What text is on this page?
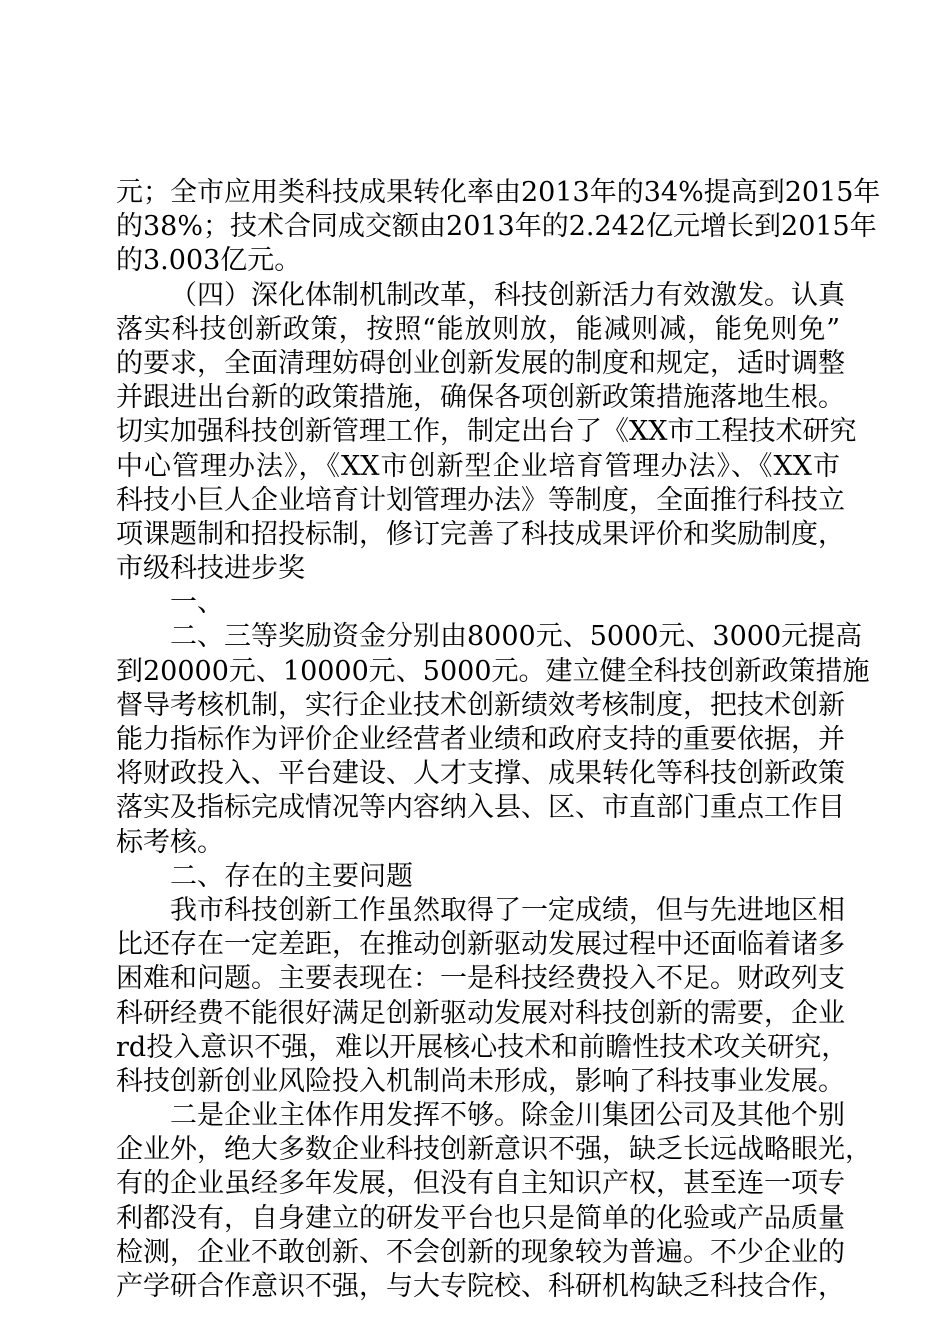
元；全市应用类科技成果转化率由2013年的34%提高到2015年
的38%；技术合同成交额由2013年的2.242亿元增长到2015年
的3.003亿元。
（四）深化体制机制改革，科技创新活力有效激发。认真
落实科技创新政策，按照“能放则放，能减则减，能免则免”
的要求，全面清理妨碍创业创新发展的制度和规定，适时调整
并跟进出台新的政策措施，确保各项创新政策措施落地生根。
切实加强科技创新管理工作，制定出台了《XX市工程技术研究
中心管理办法》，《XX市创新型企业培育管理办法》、《XX市
科技小巨人企业培育计划管理办法》等制度，全面推行科技立
项课题制和招投标制，修订完善了科技成果评价和奖励制度，
市级科技进步奖
一、
二、三等奖励资金分别由8000元、5000元、3000元提高
到20000元、10000元、5000元。建立健全科技创新政策措施
督导考核机制，实行企业技术创新绩效考核制度，把技术创新
能力指标作为评价企业经营者业绩和政府支持的重要依据，并
将财政投入、平台建设、人才支撑、成果转化等科技创新政策
落实及指标完成情况等内容纳入县、区、市直部门重点工作目
标考核。
二、存在的主要问题
我市科技创新工作虽然取得了一定成绩，但与先进地区相
比还存在一定差距，在推动创新驱动发展过程中还面临着诸多
困难和问题。主要表现在：一是科技经费投入不足。财政列支
科研经费不能很好满足创新驱动发展对科技创新的需要，企业
rd投入意识不强，难以开展核心技术和前瞻性技术攻关研究，
科技创新创业风险投入机制尚未形成，影响了科技事业发展。
二是企业主体作用发挥不够。除金川集团公司及其他个别
企业外，绝大多数企业科技创新意识不强，缺乏长远战略眼光，
有的企业虽经多年发展，但没有自主知识产权，甚至连一项专
利都没有，自身建立的研发平台也只是简单的化验或产品质量
检测，企业不敢创新、不会创新的现象较为普遍。不少企业的
产学研合作意识不强，与大专院校、科研机构缺乏科技合作，
